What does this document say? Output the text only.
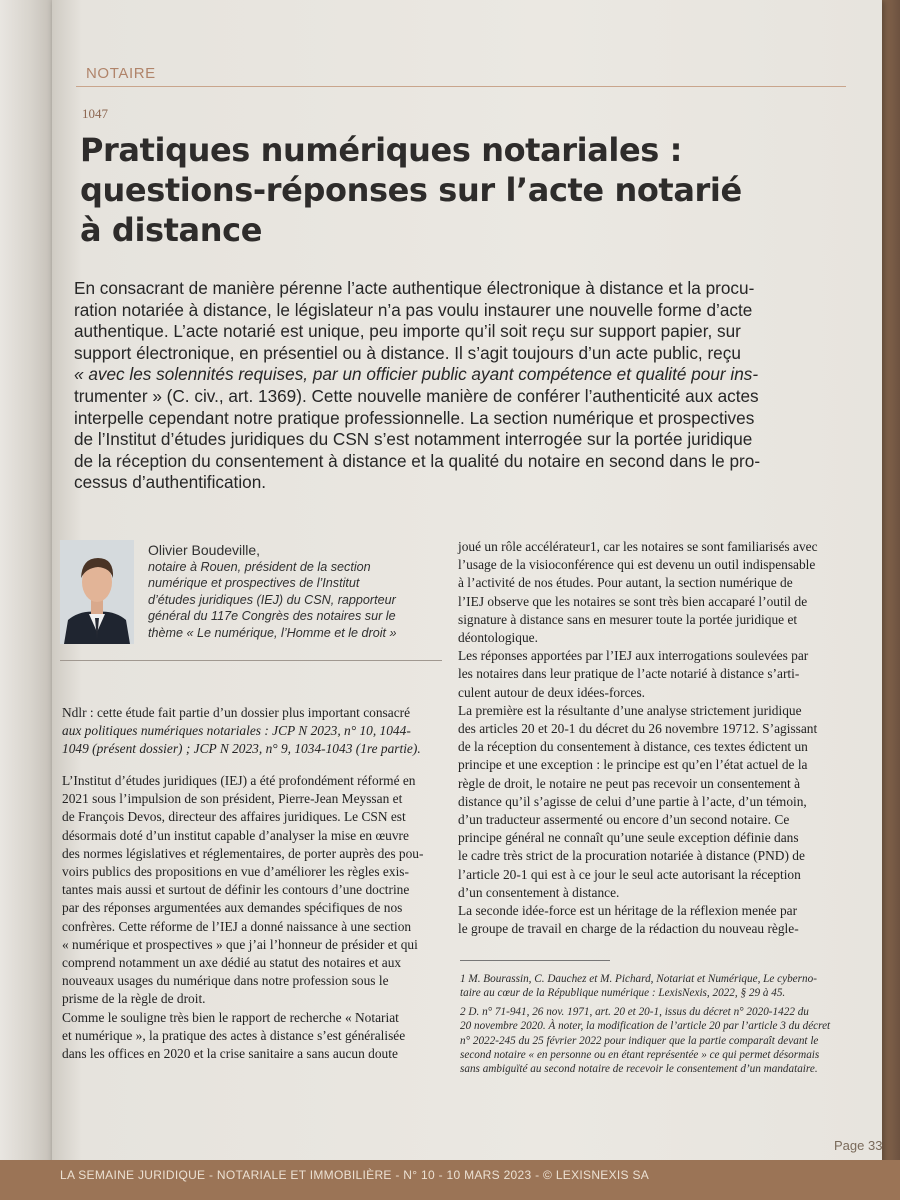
NOTAIRE
1047
Pratiques numériques notariales :
questions-réponses sur l’acte notarié
à distance
En consacrant de manière pérenne l’acte authentique électronique à distance et la procu-
ration notariée à distance, le législateur n’a pas voulu instaurer une nouvelle forme d’acte
authentique. L’acte notarié est unique, peu importe qu’il soit reçu sur support papier, sur
support électronique, en présentiel ou à distance. Il s’agit toujours d’un acte public, reçu
« avec les solennités requises, par un officier public ayant compétence et qualité pour ins-
trumenter » (C. civ., art. 1369). Cette nouvelle manière de conférer l’authenticité aux actes
interpelle cependant notre pratique professionnelle. La section numérique et prospectives
de l’Institut d’études juridiques du CSN s’est notamment interrogée sur la portée juridique
de la réception du consentement à distance et la qualité du notaire en second dans le pro-
cessus d’authentification.
Olivier Boudeville,
notaire à Rouen, président de la section
numérique et prospectives de l’Institut
d’études juridiques (IEJ) du CSN, rapporteur
général du 117e Congrès des notaires sur le
thème « Le numérique, l’Homme et le droit »
Ndlr : cette étude fait partie d’un dossier plus important consacré
aux politiques numériques notariales : JCP N 2023, n° 10, 1044-
1049 (présent dossier) ; JCP N 2023, n° 9, 1034-1043 (1re partie).
L’Institut d’études juridiques (IEJ) a été profondément réformé en
2021 sous l’impulsion de son président, Pierre-Jean Meyssan et
de François Devos, directeur des affaires juridiques. Le CSN est
désormais doté d’un institut capable d’analyser la mise en œuvre
des normes législatives et réglementaires, de porter auprès des pou-
voirs publics des propositions en vue d’améliorer les règles exis-
tantes mais aussi et surtout de définir les contours d’une doctrine
par des réponses argumentées aux demandes spécifiques de nos
confrères. Cette réforme de l’IEJ a donné naissance à une section
« numérique et prospectives » que j’ai l’honneur de présider et qui
comprend notamment un axe dédié au statut des notaires et aux
nouveaux usages du numérique dans notre profession sous le
prisme de la règle de droit.
Comme le souligne très bien le rapport de recherche « Notariat
et numérique », la pratique des actes à distance s’est généralisée
dans les offices en 2020 et la crise sanitaire a sans aucun doute
joué un rôle accélérateur1, car les notaires se sont familiarisés avec
l’usage de la visioconférence qui est devenu un outil indispensable
à l’activité de nos études. Pour autant, la section numérique de
l’IEJ observe que les notaires se sont très bien accaparé l’outil de
signature à distance sans en mesurer toute la portée juridique et
déontologique.
Les réponses apportées par l’IEJ aux interrogations soulevées par
les notaires dans leur pratique de l’acte notarié à distance s’arti-
culent autour de deux idées-forces.
La première est la résultante d’une analyse strictement juridique
des articles 20 et 20-1 du décret du 26 novembre 19712. S’agissant
de la réception du consentement à distance, ces textes édictent un
principe et une exception : le principe est qu’en l’état actuel de la
règle de droit, le notaire ne peut pas recevoir un consentement à
distance qu’il s’agisse de celui d’une partie à l’acte, d’un témoin,
d’un traducteur assermenté ou encore d’un second notaire. Ce
principe général ne connaît qu’une seule exception définie dans
le cadre très strict de la procuration notariée à distance (PND) de
l’article 20-1 qui est à ce jour le seul acte autorisant la réception
d’un consentement à distance.
La seconde idée-force est un héritage de la réflexion menée par
le groupe de travail en charge de la rédaction du nouveau règle-
1 M. Bourassin, C. Dauchez et M. Pichard, Notariat et Numérique, Le cyberno-
taire au cœur de la République numérique : LexisNexis, 2022, § 29 à 45.
2 D. n° 71-941, 26 nov. 1971, art. 20 et 20-1, issus du décret n° 2020-1422 du
20 novembre 2020. À noter, la modification de l’article 20 par l’article 3 du décret
n° 2022-245 du 25 février 2022 pour indiquer que la partie comparaît devant le
second notaire « en personne ou en étant représentée » ce qui permet désormais
sans ambiguïté au second notaire de recevoir le consentement d’un mandataire.
Page 33
LA SEMAINE JURIDIQUE - NOTARIALE ET IMMOBILIÈRE - N° 10 - 10 MARS 2023 - © LEXISNEXIS SA
